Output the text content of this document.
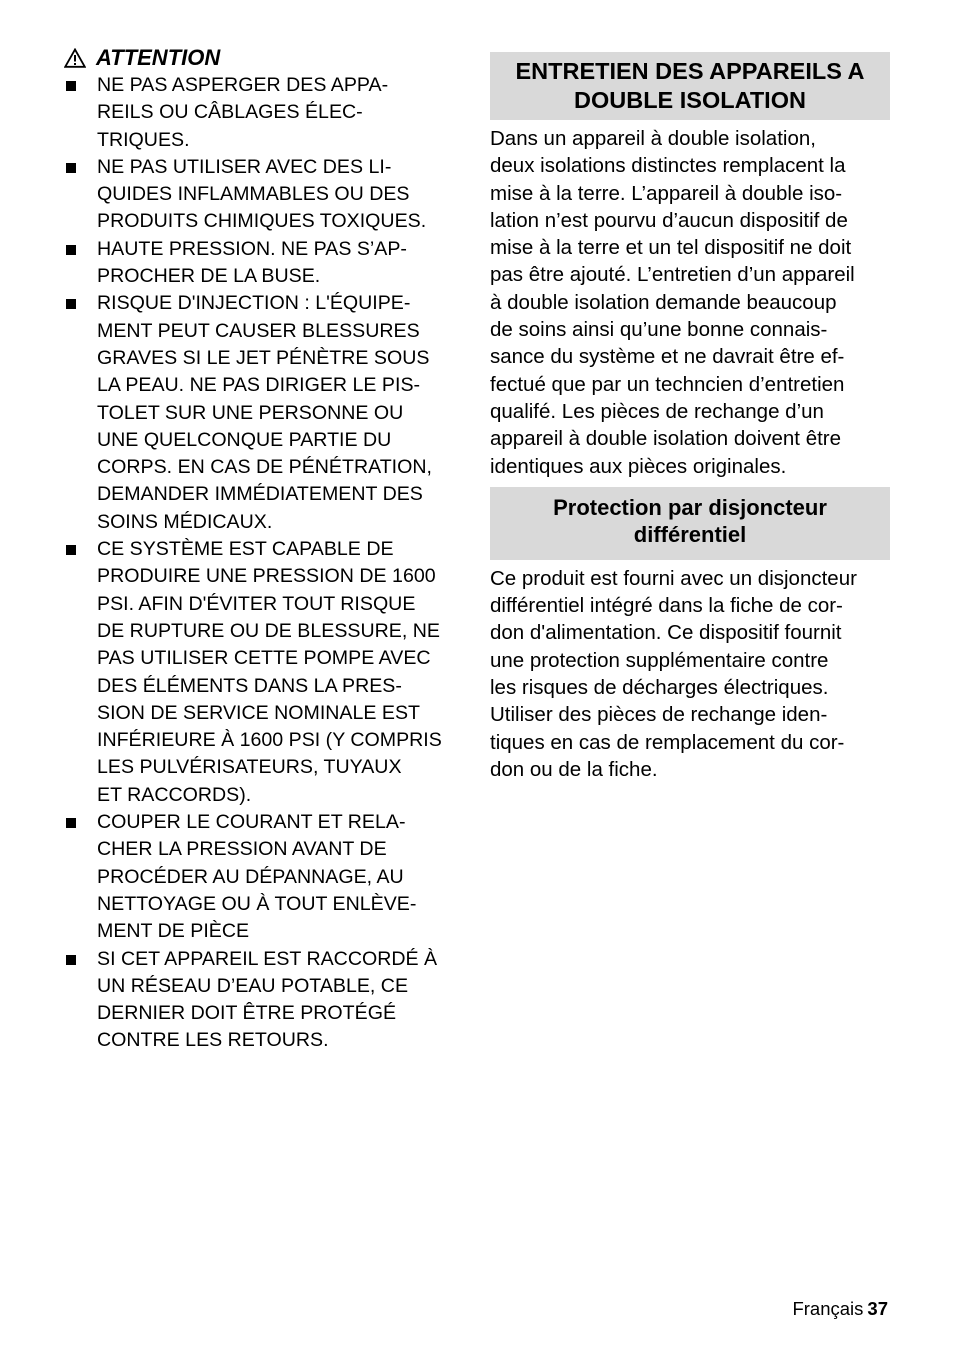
ATTENTION
NE PAS ASPERGER DES APPA-
REILS OU CÂBLAGES ÉLEC-
TRIQUES.
NE PAS UTILISER AVEC DES LI-
QUIDES INFLAMMABLES OU DES
PRODUITS CHIMIQUES TOXIQUES.
HAUTE PRESSION. NE PAS S’AP-
PROCHER DE LA BUSE.
RISQUE D'INJECTION : L'ÉQUIPE-
MENT PEUT CAUSER BLESSURES
GRAVES SI LE JET PÉNÈTRE SOUS
LA PEAU. NE PAS DIRIGER LE PIS-
TOLET SUR UNE PERSONNE OU
UNE QUELCONQUE PARTIE DU
CORPS. EN CAS DE PÉNÉTRATION,
DEMANDER IMMÉDIATEMENT DES
SOINS MÉDICAUX.
CE SYSTÈME EST CAPABLE DE
PRODUIRE UNE PRESSION DE 1600
PSI. AFIN D'ÉVITER TOUT RISQUE
DE RUPTURE OU DE BLESSURE, NE
PAS UTILISER CETTE POMPE AVEC
DES ÉLÉMENTS DANS LA PRES-
SION DE SERVICE NOMINALE EST
INFÉRIEURE À 1600 PSI (Y COMPRIS
LES PULVÉRISATEURS, TUYAUX
ET RACCORDS).
COUPER LE COURANT ET RELA-
CHER LA PRESSION AVANT DE
PROCÉDER AU DÉPANNAGE, AU
NETTOYAGE OU À TOUT ENLÈVE-
MENT DE PIÈCE
SI CET APPAREIL EST RACCORDÉ À
UN RÉSEAU D’EAU POTABLE, CE
DERNIER DOIT ÊTRE PROTÉGÉ
CONTRE LES RETOURS.
ENTRETIEN DES APPAREILS A
DOUBLE ISOLATION
Dans un appareil à double isolation,
deux isolations distinctes remplacent la
mise à la terre. L’appareil à double iso-
lation n’est pourvu d’aucun dispositif de
mise à la terre et un tel dispositif ne doit
pas être ajouté. L’entretien d’un appareil
à double isolation demande beaucoup
de soins ainsi qu’une bonne connais-
sance du système et ne davrait être ef-
fectué que par un techncien d’entretien
qualifé. Les pièces de rechange d’un
appareil à double isolation doivent être
identiques aux pièces originales.
Protection par disjoncteur
différentiel
Ce produit est fourni avec un disjoncteur
différentiel intégré dans la fiche de cor-
don d'alimentation. Ce dispositif fournit
une protection supplémentaire contre
les risques de décharges électriques.
Utiliser des pièces de rechange iden-
tiques en cas de remplacement du cor-
don ou de la fiche.
Français 37
